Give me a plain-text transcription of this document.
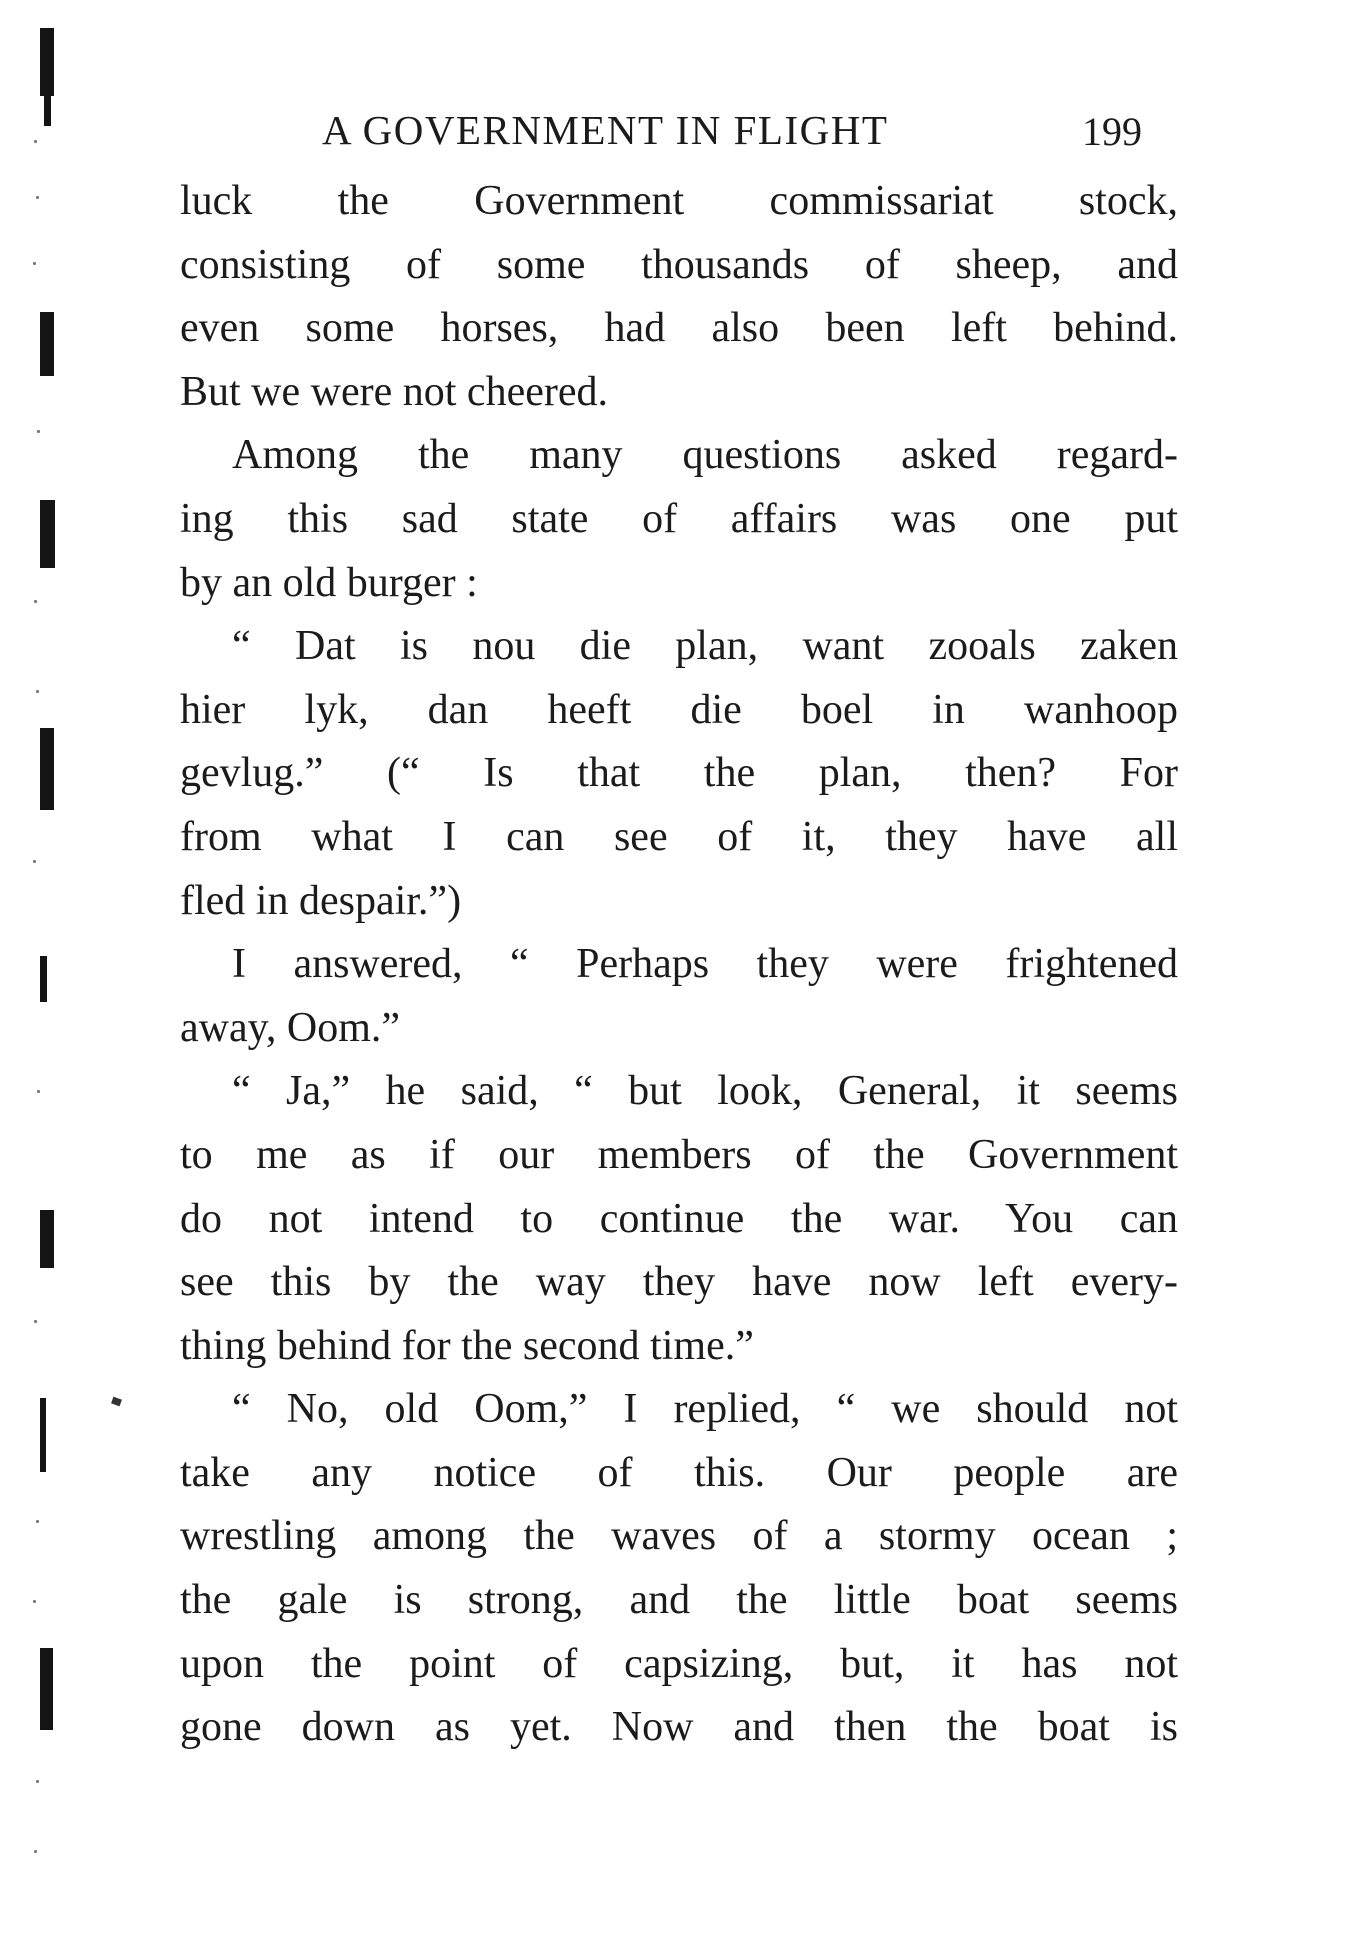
A GOVERNMENT IN FLIGHT	199
luck the Government commissariat stock,
consisting of some thousands of sheep, and
even some horses, had also been left behind.
But we were not cheered.
Among the many questions asked regard-
ing this sad state of affairs was one put
by an old burger :
“ Dat is nou die plan, want zooals zaken
hier lyk, dan heeft die boel in wanhoop
gevlug.” (“ Is that the plan, then? For
from what I can see of it, they have all
fled in despair.”)
I answered, “ Perhaps they were frightened
away, Oom.”
“ Ja,” he said, “ but look, General, it seems
to me as if our members of the Government
do not intend to continue the war. You can
see this by the way they have now left every-
thing behind for the second time.”
“ No, old Oom,” I replied, “ we should not
take any notice of this. Our people are
wrestling among the waves of a stormy ocean ;
the gale is strong, and the little boat seems
upon the point of capsizing, but, it has not
gone down as yet. Now and then the boat is
